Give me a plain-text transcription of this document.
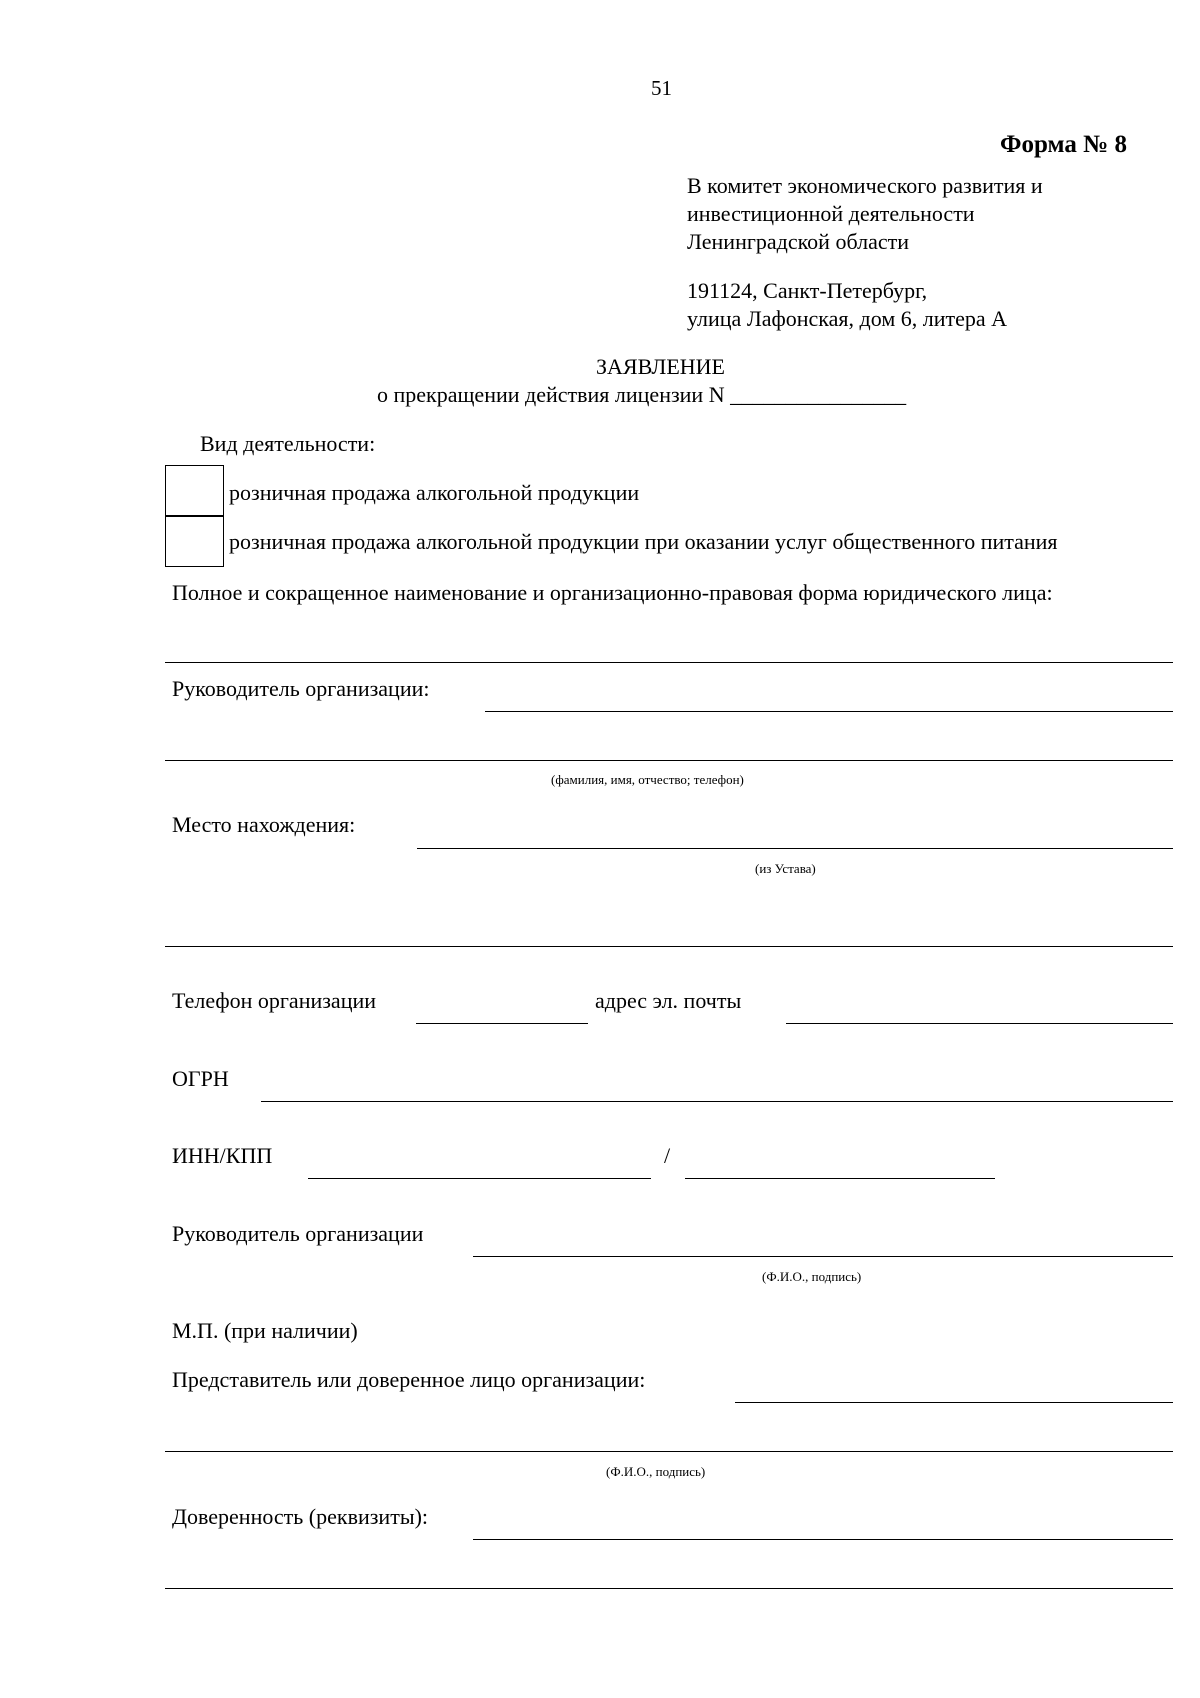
51
Форма № 8
В комитет экономического развития и
инвестиционной деятельности
Ленинградской области
191124, Санкт-Петербург,
улица Лафонская, дом 6, литера А
ЗАЯВЛЕНИЕ
о прекращении действия лицензии N ________________
Вид деятельности:
розничная продажа алкогольной продукции
розничная продажа алкогольной продукции при оказании услуг общественного питания
Полное и сокращенное наименование и организационно-правовая форма юридического лица:
Руководитель организации:
(фамилия, имя, отчество; телефон)
Место нахождения:
(из Устава)
Телефон организации	адрес эл. почты
ОГРН
ИНН/КПП	/
Руководитель организации
(Ф.И.О., подпись)
М.П. (при наличии)
Представитель или доверенное лицо организации:
(Ф.И.О., подпись)
Доверенность (реквизиты):
